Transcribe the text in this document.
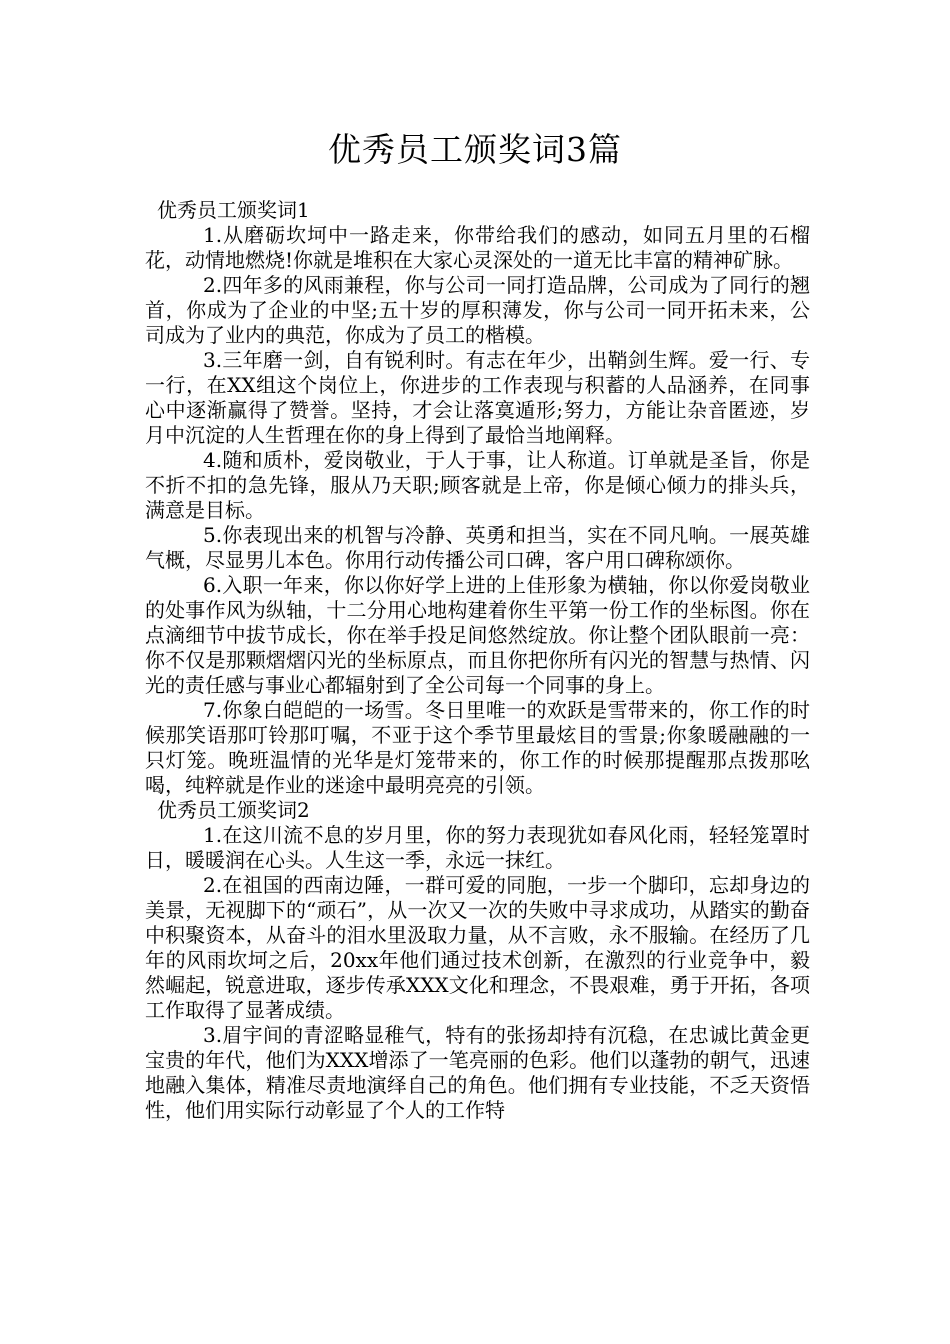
优秀员工颁奖词3篇

优秀员工颁奖词1

1.从磨砺坎坷中一路走来，你带给我们的感动，如同五月里的石榴花，动情地燃烧!你就是堆积在大家心灵深处的一道无比丰富的精神矿脉。

2.四年多的风雨兼程，你与公司一同打造品牌，公司成为了同行的翘首，你成为了企业的中坚;五十岁的厚积薄发，你与公司一同开拓未来，公司成为了业内的典范，你成为了员工的楷模。

3.三年磨一剑，自有锐利时。有志在年少，出鞘剑生辉。爱一行、专一行，在XX组这个岗位上，你进步的工作表现与积蓄的人品涵养，在同事心中逐渐赢得了赞誉。坚持，才会让落寞遁形;努力，方能让杂音匿迹，岁月中沉淀的人生哲理在你的身上得到了最恰当地阐释。

4.随和质朴，爱岗敬业，于人于事，让人称道。订单就是圣旨，你是不折不扣的急先锋，服从乃天职;顾客就是上帝，你是倾心倾力的排头兵，满意是目标。

5.你表现出来的机智与冷静、英勇和担当，实在不同凡响。一展英雄气概，尽显男儿本色。你用行动传播公司口碑，客户用口碑称颂你。

6.入职一年来，你以你好学上进的上佳形象为横轴，你以你爱岗敬业的处事作风为纵轴，十二分用心地构建着你生平第一份工作的坐标图。你在点滴细节中拔节成长，你在举手投足间悠然绽放。你让整个团队眼前一亮：你不仅是那颗熠熠闪光的坐标原点，而且你把你所有闪光的智慧与热情、闪光的责任感与事业心都辐射到了全公司每一个同事的身上。

7.你象白皑皑的一场雪。冬日里唯一的欢跃是雪带来的，你工作的时候那笑语那叮铃那叮嘱，不亚于这个季节里最炫目的雪景;你象暖融融的一只灯笼。晚班温情的光华是灯笼带来的，你工作的时候那提醒那点拨那吆喝，纯粹就是作业的迷途中最明亮亮的引领。

优秀员工颁奖词2

1.在这川流不息的岁月里，你的努力表现犹如春风化雨，轻轻笼罩时日，暖暖润在心头。人生这一季，永远一抹红。

2.在祖国的西南边陲，一群可爱的同胞，一步一个脚印，忘却身边的美景，无视脚下的“顽石”，从一次又一次的失败中寻求成功，从踏实的勤奋中积聚资本，从奋斗的泪水里汲取力量，从不言败，永不服输。在经历了几年的风雨坎坷之后，20xx年他们通过技术创新，在激烈的行业竞争中，毅然崛起，锐意进取，逐步传承XXX文化和理念，不畏艰难，勇于开拓，各项工作取得了显著成绩。

3.眉宇间的青涩略显稚气，特有的张扬却持有沉稳，在忠诚比黄金更宝贵的年代，他们为XXX增添了一笔亮丽的色彩。他们以蓬勃的朝气，迅速地融入集体，精准尽责地演绎自己的角色。他们拥有专业技能，不乏天资悟性，他们用实际行动彰显了个人的工作特
